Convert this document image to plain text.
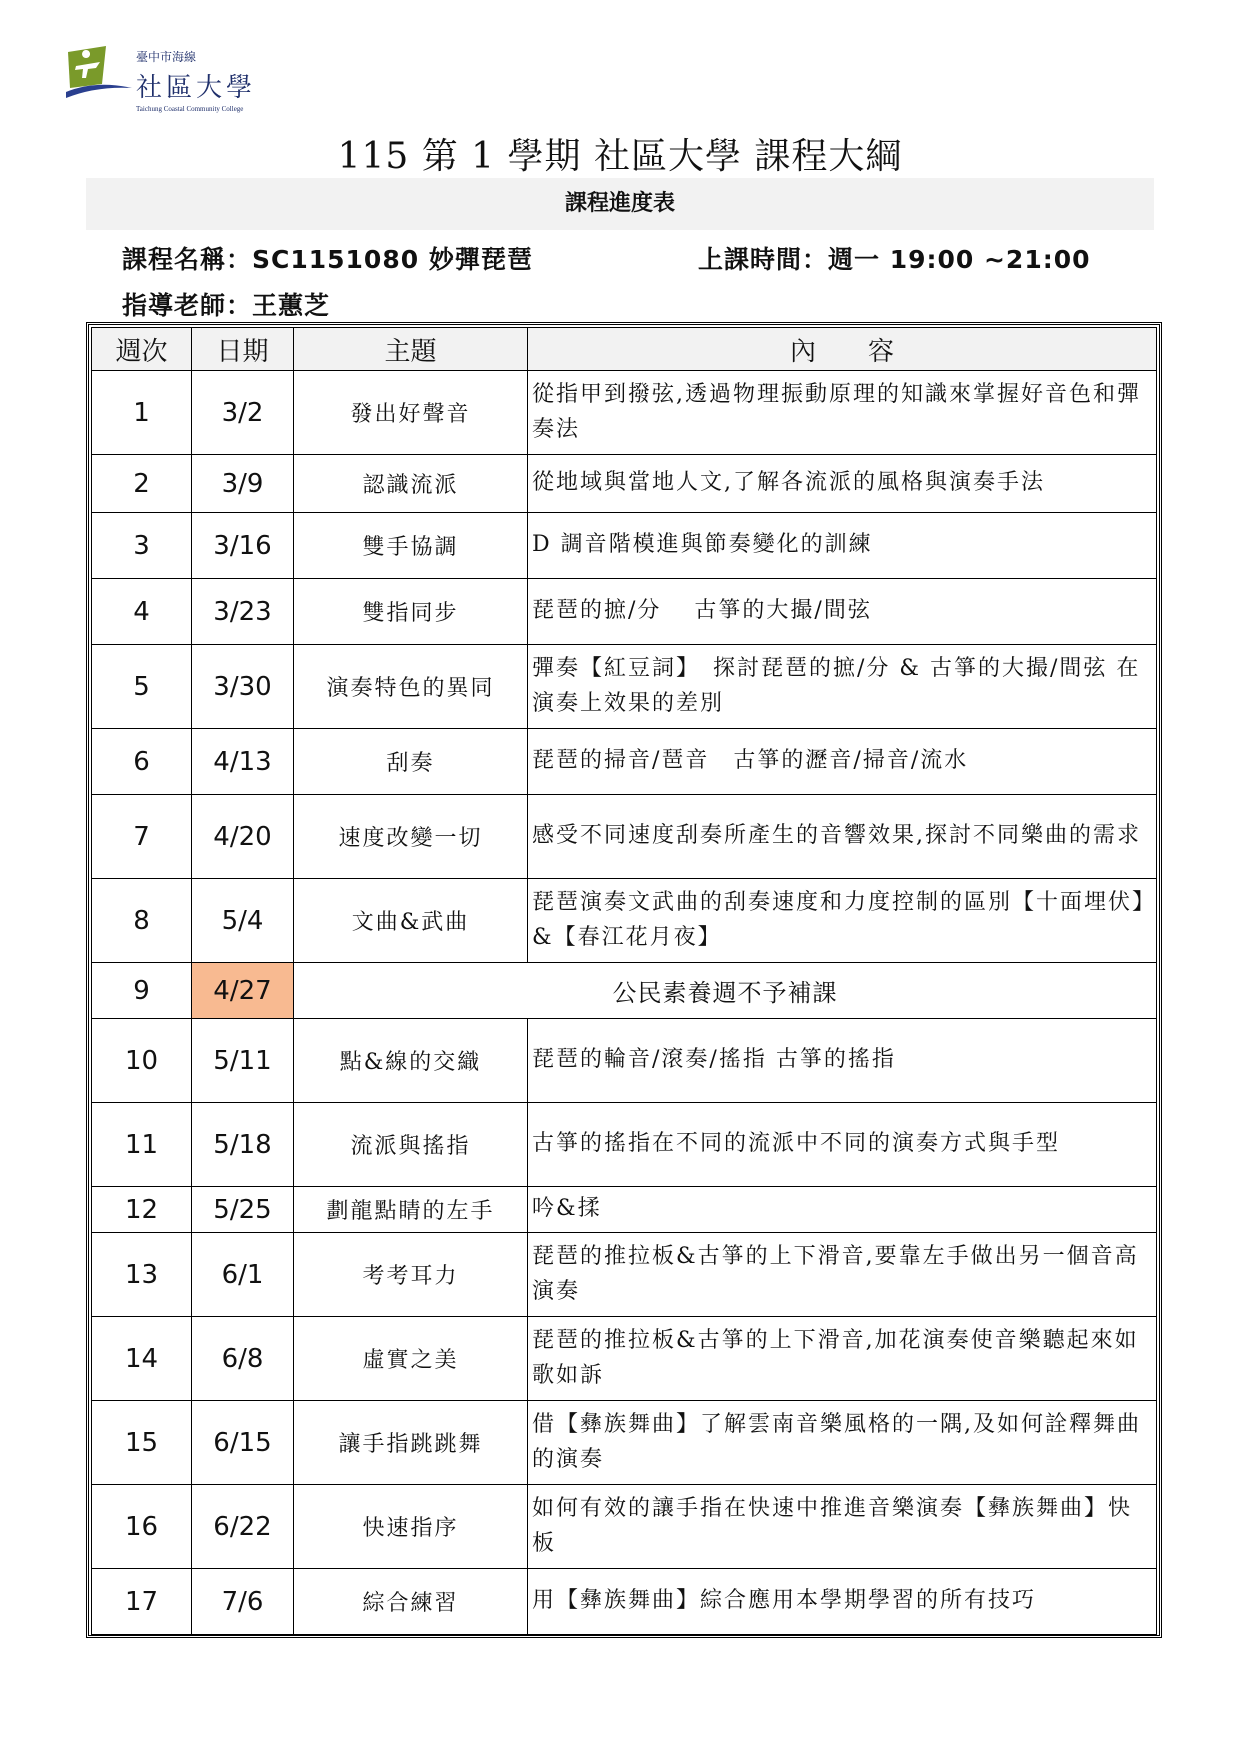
臺中市海線
社區大學
Taichung Coastal Community College
115 第 1 學期 社區大學 課程大綱
課程進度表
課程名稱：SC1151080 妙彈琵琶	上課時間：週一 19:00 ~21:00
指導老師：王蕙芝
週次	日期	主題	內　　容
1	3/2	發出好聲音	從指甲到撥弦,透過物理振動原理的知識來掌握好音色和彈奏法
2	3/9	認識流派	從地域與當地人文,了解各流派的風格與演奏手法
3	3/16	雙手協調	D 調音階模進與節奏變化的訓練
4	3/23	雙指同步	琵琶的摭/分　 古箏的大撮/間弦
5	3/30	演奏特色的異同	彈奏【紅豆詞】　探討琵琶的摭/分 & 古箏的大撮/間弦 在演奏上效果的差別
6	4/13	刮奏	琵琶的掃音/琶音　古箏的瀝音/掃音/流水
7	4/20	速度改變一切	感受不同速度刮奏所產生的音響效果,探討不同樂曲的需求
8	5/4	文曲&武曲	琵琶演奏文武曲的刮奏速度和力度控制的區別【十面埋伏】&【春江花月夜】
9	4/27	公民素養週不予補課	
10	5/11	點&線的交織	琵琶的輪音/滾奏/搖指 古箏的搖指
11	5/18	流派與搖指	古箏的搖指在不同的流派中不同的演奏方式與手型
12	5/25	劃龍點睛的左手	吟&揉
13	6/1	考考耳力	琵琶的推拉板&古箏的上下滑音,要靠左手做出另一個音高演奏
14	6/8	虛實之美	琵琶的推拉板&古箏的上下滑音,加花演奏使音樂聽起來如歌如訴
15	6/15	讓手指跳跳舞	借【彝族舞曲】了解雲南音樂風格的一隅,及如何詮釋舞曲的演奏
16	6/22	快速指序	如何有效的讓手指在快速中推進音樂演奏【彝族舞曲】快板
17	7/6	綜合練習	用【彝族舞曲】綜合應用本學期學習的所有技巧
